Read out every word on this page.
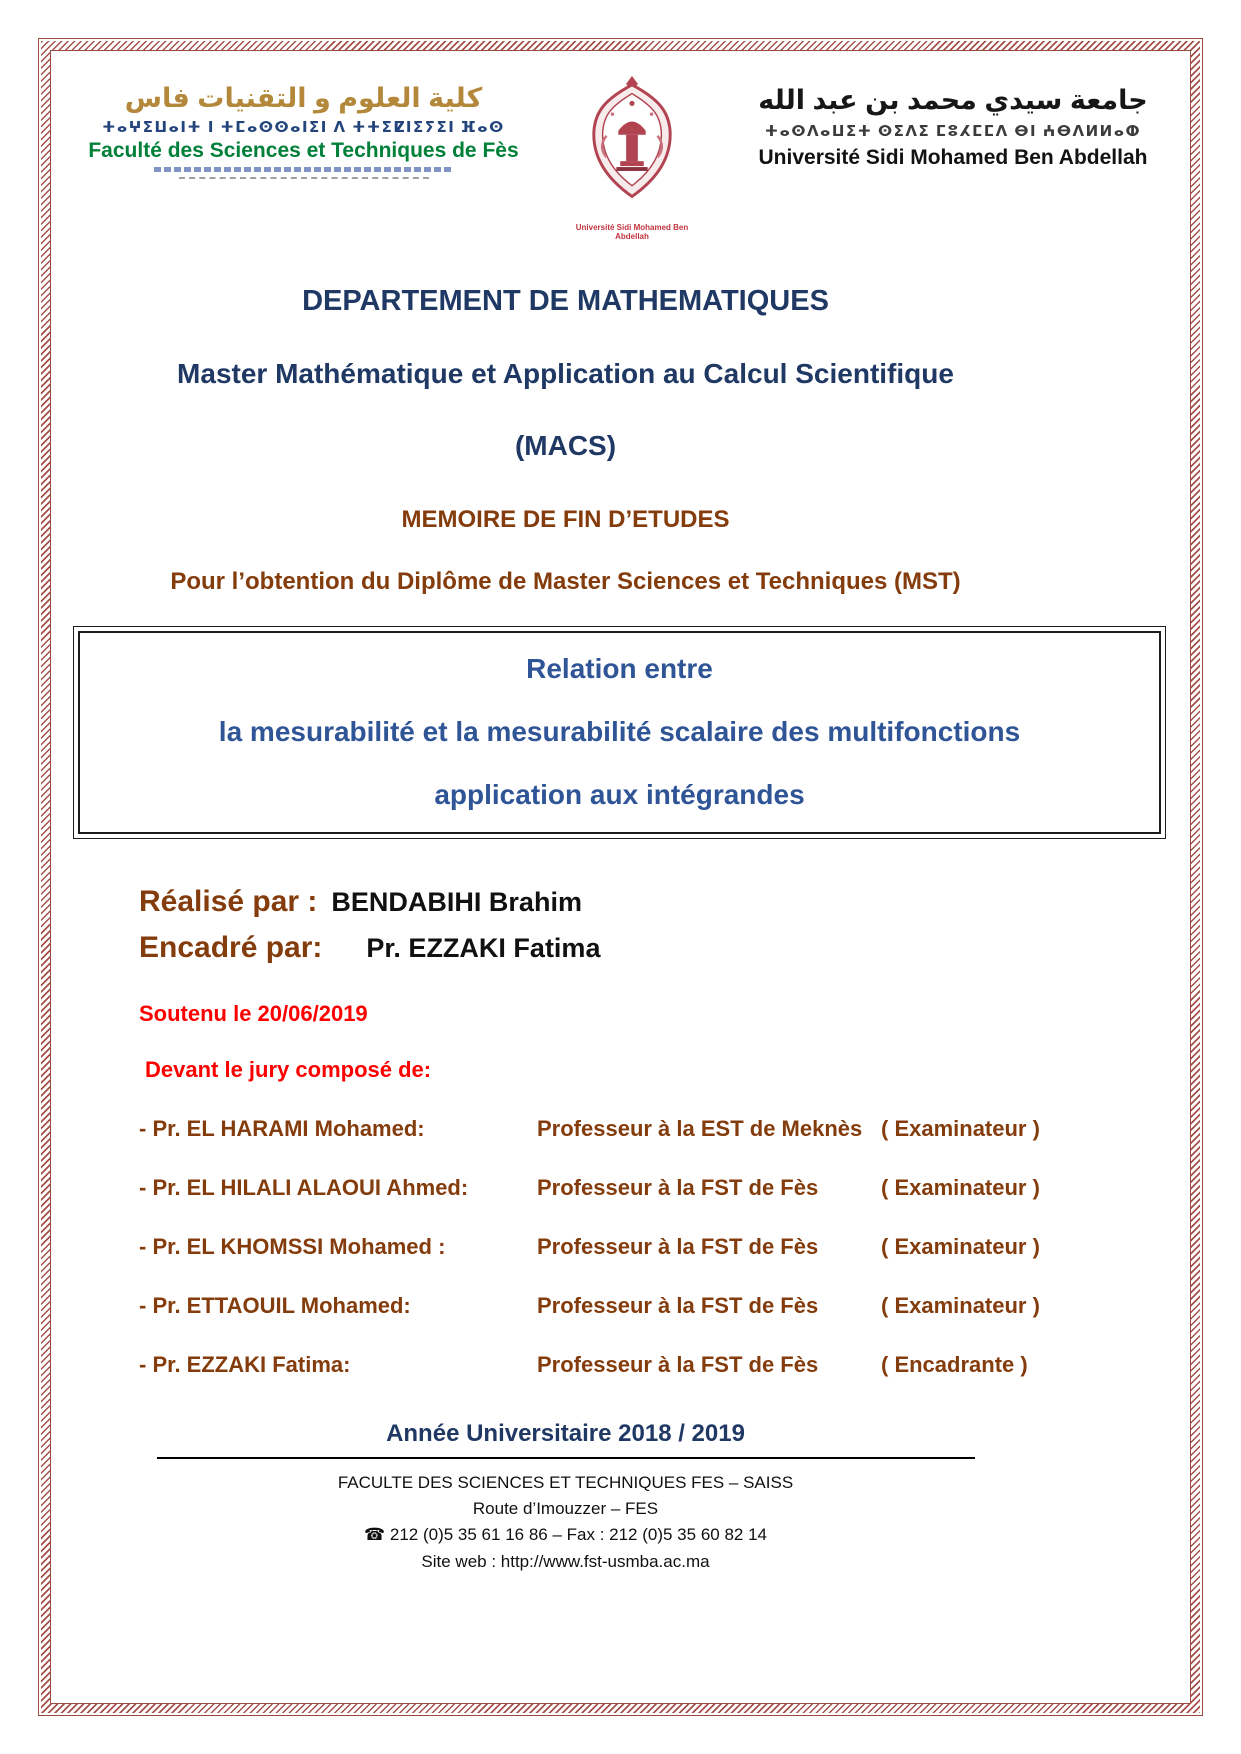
كلية العلوم و التقنيات فاس
ⵜⴰⵖⵉⵡⴰⵏⵜ ⵏ ⵜⵎⴰⵙⵙⴰⵏⵉⵏ ⴷ ⵜⵜⵉⵇⵏⵉⵢⵉⵏ ⴼⴰⵙ
Faculté des Sciences et Techniques de Fès
Université Sidi Mohamed Ben Abdellah
جامعة سيدي محمد بن عبد الله
ⵜⴰⵙⴷⴰⵡⵉⵜ ⵙⵉⴷⵉ ⵎⵓⵃⵎⵎⴷ ⴱⵏ ⵄⴱⴷⵍⵍⴰⵀ
Université Sidi Mohamed Ben Abdellah
DEPARTEMENT DE MATHEMATIQUES
Master Mathématique et Application au Calcul Scientifique
(MACS)
MEMOIRE DE FIN D’ETUDES
Pour l’obtention du Diplôme de Master Sciences et Techniques (MST)

Relation entre

la mesurabilité et la mesurabilité scalaire des multifonctions

application aux intégrandes

Réalisé par : BENDABIHI Brahim
Encadré par: Pr. EZZAKI Fatima
Soutenu le 20/06/2019
Devant le jury composé de:
- Pr. EL HARAMI Mohamed:	Professeur à la EST de Meknès ( Examinateur )
- Pr. EL HILALI ALAOUI Ahmed:	Professeur à la FST de Fès	( Examinateur )
- Pr. EL KHOMSSI Mohamed :	Professeur à la FST de Fès	( Examinateur )
- Pr. ETTAOUIL Mohamed:	Professeur à la FST de Fès	( Examinateur )
- Pr. EZZAKI Fatima:	Professeur à la FST de Fès	( Encadrante )
Année Universitaire 2018 / 2019
FACULTE DES SCIENCES ET TECHNIQUES FES – SAISS
Route d’Imouzzer – FES
☎ 212 (0)5 35 61 16 86 – Fax : 212 (0)5 35 60 82 14
Site web : http://www.fst-usmba.ac.ma
